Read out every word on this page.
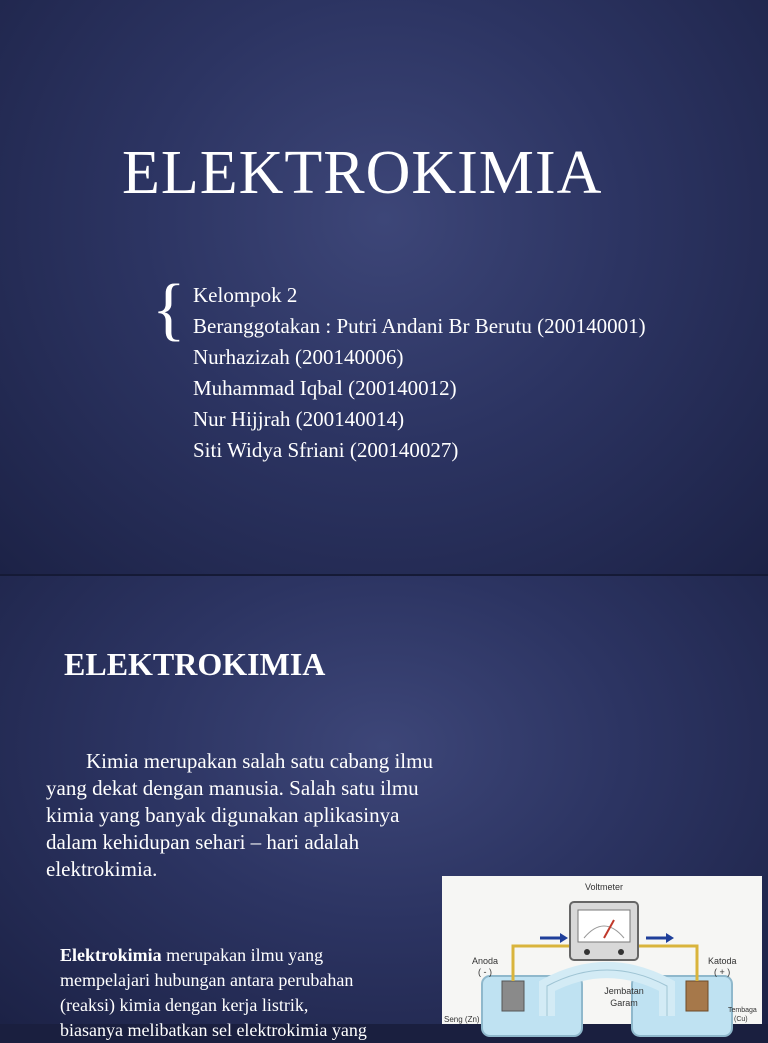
ELEKTROKIMIA
{ Kelompok 2
Beranggotakan : Putri Andani Br Berutu (200140001)
Nurhazizah (200140006)
Muhammad Iqbal (200140012)
Nur Hijjrah (200140014)
Siti Widya Sfriani (200140027)
ELEKTROKIMIA

Kimia merupakan salah satu cabang ilmu
yang dekat dengan manusia. Salah satu ilmu
kimia yang banyak digunakan aplikasinya
dalam kehidupan sehari – hari adalah
elektrokimia.

Elektrokimia merupakan ilmu yang
mempelajari hubungan antara perubahan
(reaksi) kimia dengan kerja listrik,
biasanya melibatkan sel elektrokimia yang

Voltmeter
Anoda
( - )
Katoda
( + )
Jembatan
Garam
Seng (Zn)
Tembaga
(Cu)
